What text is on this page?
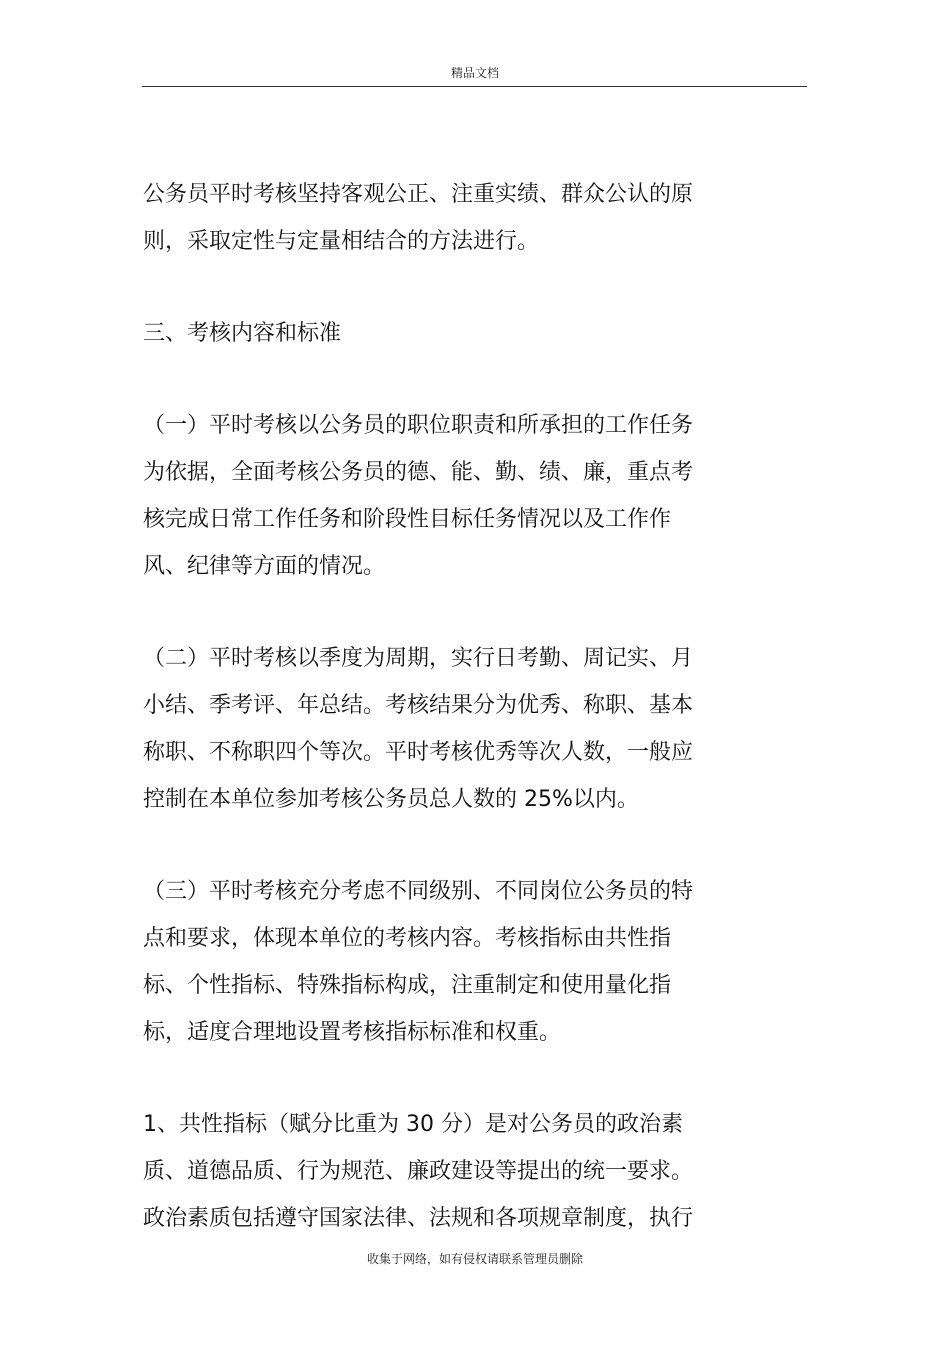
精品文档
公务员平时考核坚持客观公正、注重实绩、群众公认的原
则，采取定性与定量相结合的方法进行。
三、考核内容和标准
（一）平时考核以公务员的职位职责和所承担的工作任务
为依据，全面考核公务员的德、能、勤、绩、廉，重点考
核完成日常工作任务和阶段性目标任务情况以及工作作
风、纪律等方面的情况。
（二）平时考核以季度为周期，实行日考勤、周记实、月
小结、季考评、年总结。考核结果分为优秀、称职、基本
称职、不称职四个等次。平时考核优秀等次人数，一般应
控制在本单位参加考核公务员总人数的 25%以内。
（三）平时考核充分考虑不同级别、不同岗位公务员的特
点和要求，体现本单位的考核内容。考核指标由共性指
标、个性指标、特殊指标构成，注重制定和使用量化指
标，适度合理地设置考核指标标准和权重。
1、共性指标（赋分比重为 30 分）是对公务员的政治素
质、道德品质、行为规范、廉政建设等提出的统一要求。
政治素质包括遵守国家法律、法规和各项规章制度，执行
收集于网络，如有侵权请联系管理员删除
